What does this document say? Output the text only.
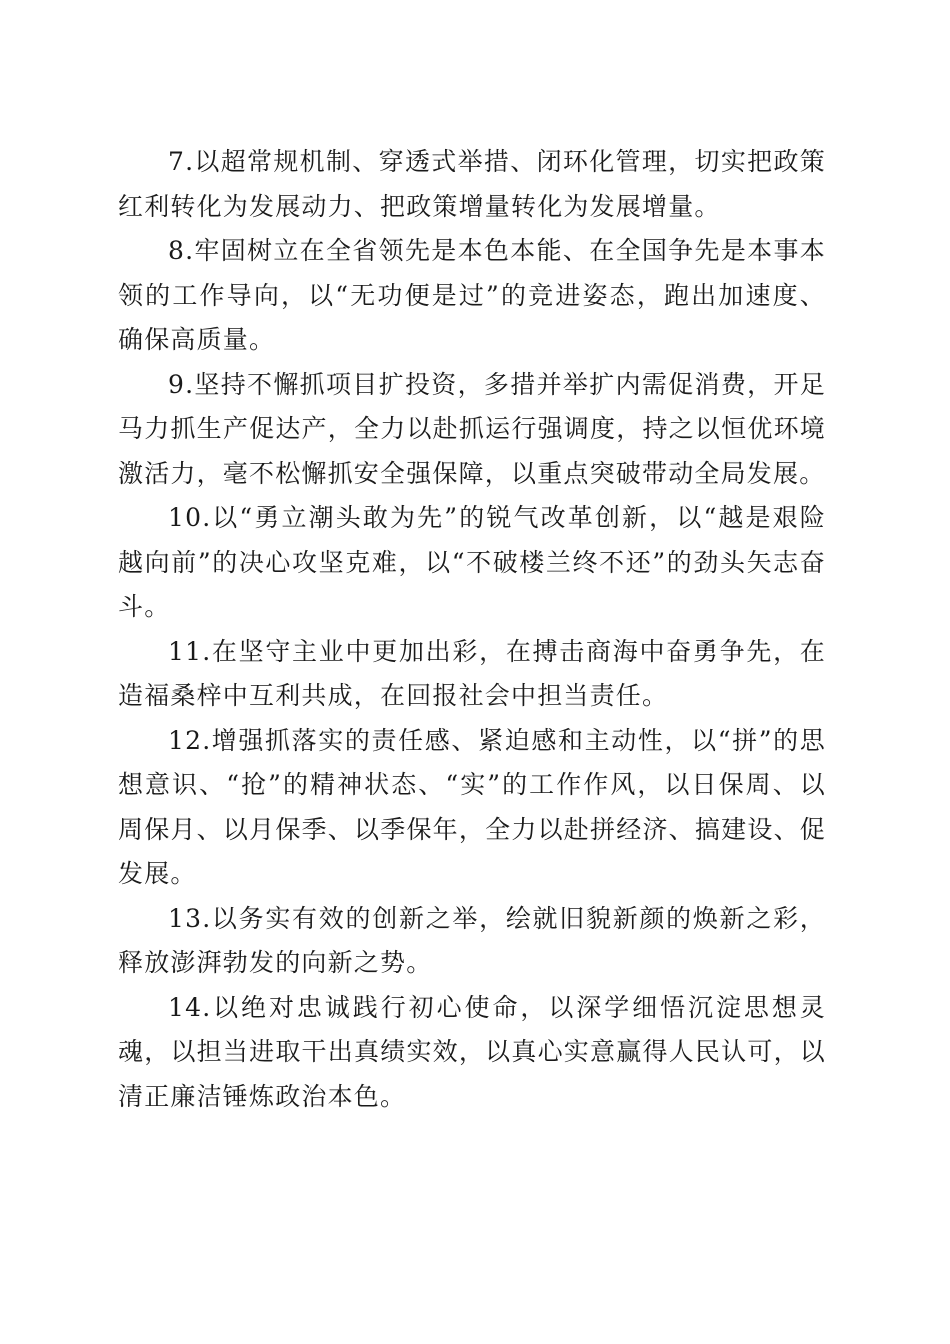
7.以超常规机制、穿透式举措、闭环化管理，切实把政策红利转化为发展动力、把政策增量转化为发展增量。

8.牢固树立在全省领先是本色本能、在全国争先是本事本领的工作导向，以“无功便是过”的竞进姿态，跑出加速度、确保高质量。

9.坚持不懈抓项目扩投资，多措并举扩内需促消费，开足马力抓生产促达产，全力以赴抓运行强调度，持之以恒优环境激活力，毫不松懈抓安全强保障，以重点突破带动全局发展。

10.以“勇立潮头敢为先”的锐气改革创新，以“越是艰险越向前”的决心攻坚克难，以“不破楼兰终不还”的劲头矢志奋斗。

11.在坚守主业中更加出彩，在搏击商海中奋勇争先，在造福桑梓中互利共成，在回报社会中担当责任。

12.增强抓落实的责任感、紧迫感和主动性，以“拼”的思想意识、“抢”的精神状态、“实”的工作作风，以日保周、以周保月、以月保季、以季保年，全力以赴拼经济、搞建设、促发展。

13.以务实有效的创新之举，绘就旧貌新颜的焕新之彩，释放澎湃勃发的向新之势。

14.以绝对忠诚践行初心使命，以深学细悟沉淀思想灵魂，以担当进取干出真绩实效，以真心实意赢得人民认可，以清正廉洁锤炼政治本色。
